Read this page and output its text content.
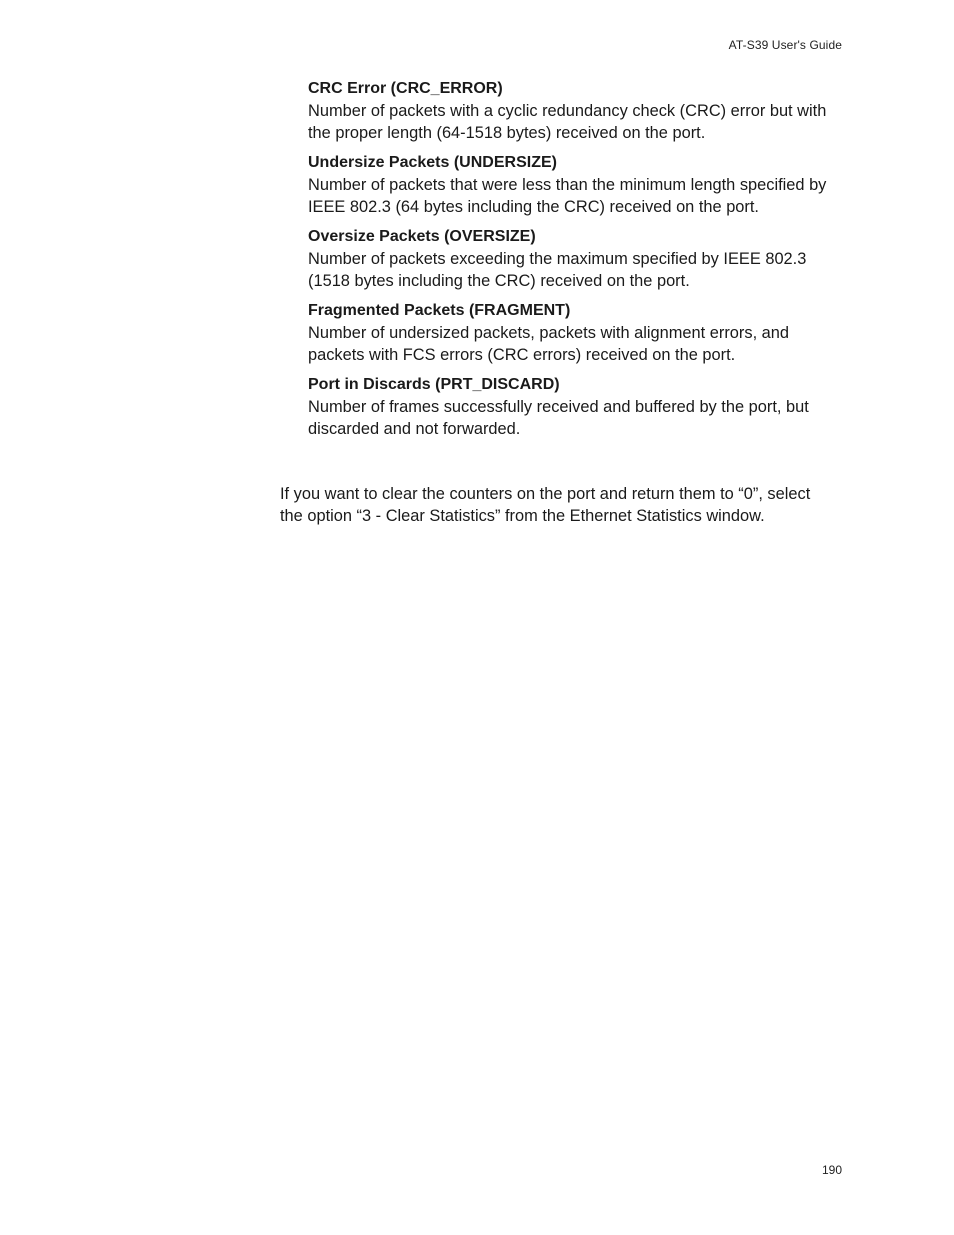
AT-S39 User's Guide

CRC Error (CRC_ERROR)

Number of packets with a cyclic redundancy check (CRC) error but with the proper length (64-1518 bytes) received on the port.

Undersize Packets (UNDERSIZE)

Number of packets that were less than the minimum length specified by IEEE 802.3 (64 bytes including the CRC) received on the port.

Oversize Packets (OVERSIZE)

Number of packets exceeding the maximum specified by IEEE 802.3 (1518 bytes including the CRC) received on the port.

Fragmented Packets (FRAGMENT)

Number of undersized packets, packets with alignment errors, and packets with FCS errors (CRC errors) received on the port.

Port in Discards (PRT_DISCARD)

Number of frames successfully received and buffered by the port, but discarded and not forwarded.

If you want to clear the counters on the port and return them to “0”, select the option “3 - Clear Statistics” from the Ethernet Statistics window.

190
